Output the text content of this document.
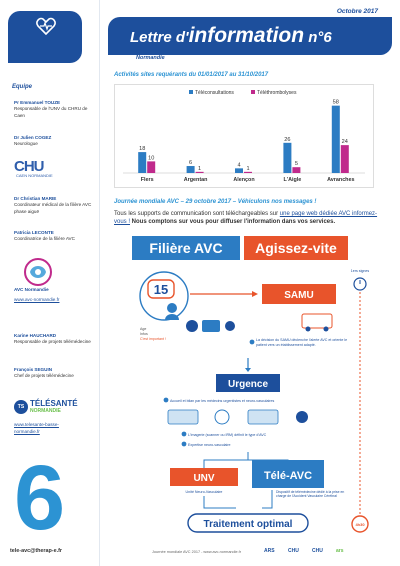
Equipe
Pr Emmanuel TOUZE
Responsable de l'UNV du CHRU de Caen
Dr Julien COGEZ
Neurologue
CHU
CAEN NORMANDIE
Dr Christian MARIE
Coordinateur médical de la filière AVC phase aiguë
Patricia LECONTE
Coordinatrice de la filière AVC
AVC Normandie
www.avc-normandie.fr
Karine HAUCHARD
Responsable de projets télémédecine
François SEGUIN
Chef de projets télémédecine
TS TÉLÉSANTÉ
NORMANDIE
www.telesante-basse-
normandie.fr
6
tele-avc@therap-e.fr
Octobre 2017
Lettre d'information n°6
Normandie
Activités sites requérants du 01/01/2017 au 31/10/2017
Téléconsultations	Téléthrombolyses
18
10
Flers
6
1
Argentan
4
1
Alençon
26
5
L'Aigle
58
24
Avranches
Journée mondiale AVC – 29 octobre 2017 – Véhiculons nos messages !
Tous les supports de communication sont téléchargeables sur une page web dédiée AVC informez-vous ! Nous comptons sur vous pour diffuser l'information dans vos services.
Filière AVC Agissez-vite
1ers signes
15
Age
Infos
C'est important !
SAMU
La décision du SAMU déclenche l'alerte AVC et oriente le patient vers un établissement adapté.
Urgence
Accueil et bilan par les médecins urgentistes et neuro-vasculaires
L'imagerie (scanner ou IRM) définit le type d'AVC
Expertise neuro-vasculaire
UNV
Unité Neuro-Vasculaire
Télé-AVC
Dispositif de télémédecine dédié à la prise en charge de l'Accident Vasculaire Cérébral
Traitement optimal	4h30
Journée mondiale AVC 2017 - www.avc-normandie.fr	ARS	CHU	CHU	ars
